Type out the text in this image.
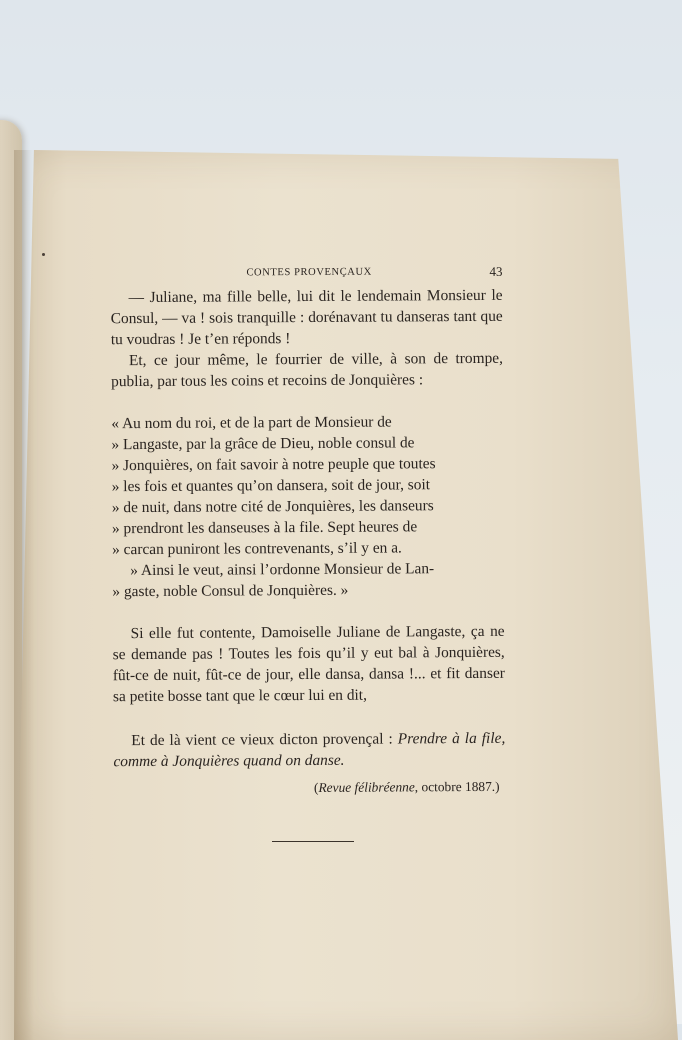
CONTES PROVENÇAUX	43

— Juliane, ma fille belle, lui dit le lendemain Monsieur le Consul, — va ! sois tranquille : dorénavant tu danseras tant que tu voudras ! Je t’en réponds !

Et, ce jour même, le fourrier de ville, à son de trompe, publia, par tous les coins et recoins de Jonquières :

« Au nom du roi, et de la part de Monsieur de

» Langaste, par la grâce de Dieu, noble consul de

» Jonquières, on fait savoir à notre peuple que toutes

» les fois et quantes qu’on dansera, soit de jour, soit

» de nuit, dans notre cité de Jonquières, les danseurs

» prendront les danseuses à la file. Sept heures de

» carcan puniront les contrevenants, s’il y en a.

» Ainsi le veut, ainsi l’ordonne Monsieur de Lan-

» gaste, noble Consul de Jonquières. »

Si elle fut contente, Damoiselle Juliane de Langaste, ça ne se demande pas ! Toutes les fois qu’il y eut bal à Jonquières, fût-ce de nuit, fût-ce de jour, elle dansa, dansa !... et fit danser sa petite bosse tant que le cœur lui en dit,

Et de là vient ce vieux dicton provençal : Prendre à la file, comme à Jonquières quand on danse.

(Revue félibréenne, octobre 1887.)
